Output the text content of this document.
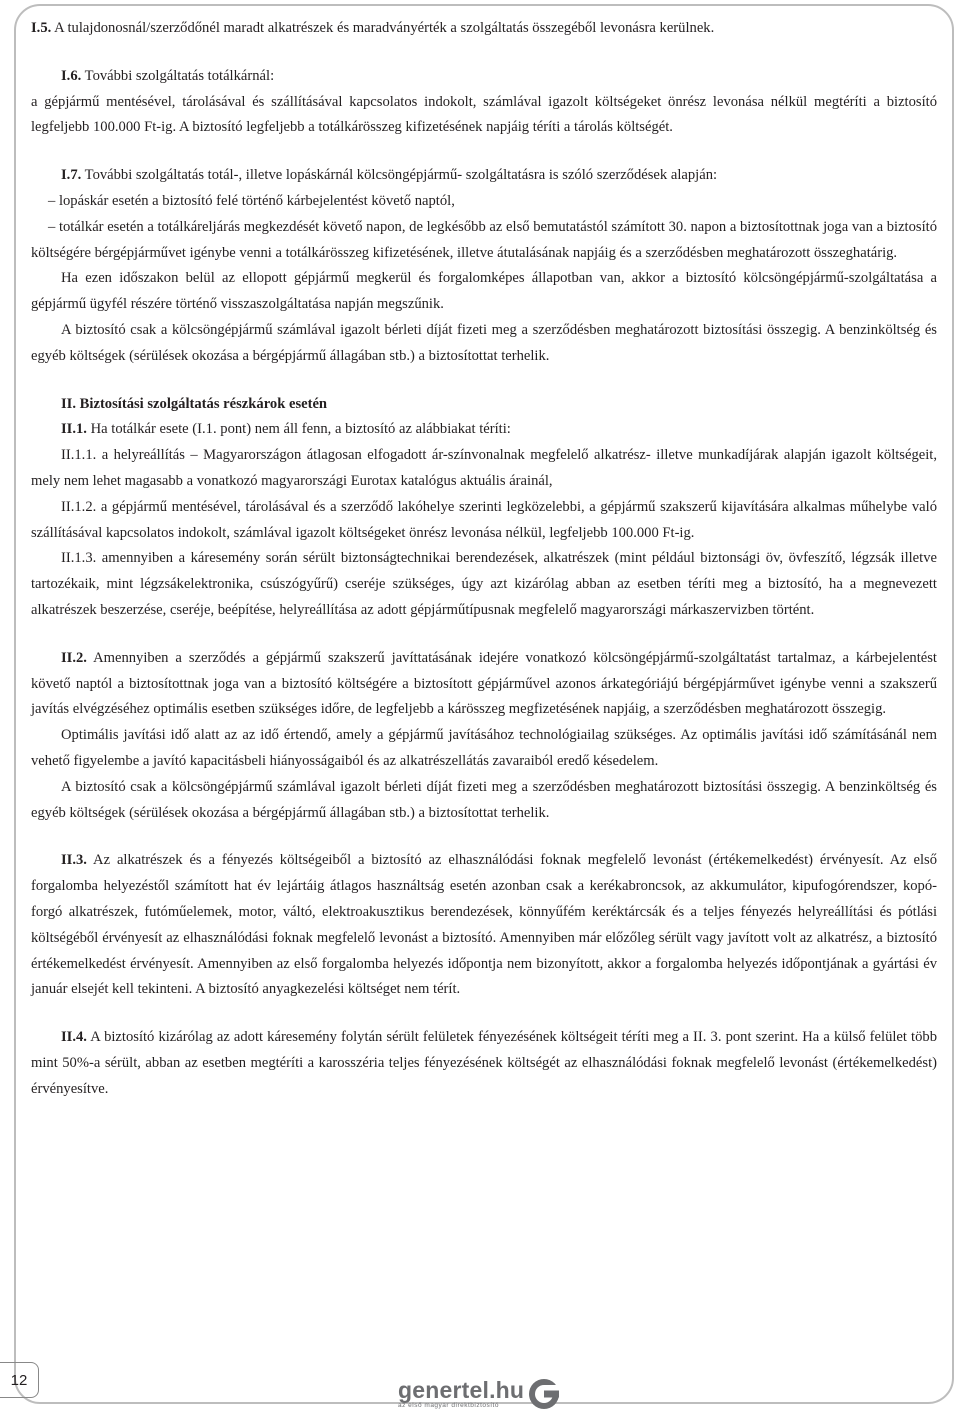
I.5. A tulajdonosnál/szerződőnél maradt alkatrészek és maradványérték a szolgáltatás összegéből levonásra kerülnek.

I.6. További szolgáltatás totálkárnál:

a gépjármű mentésével, tárolásával és szállításával kapcsolatos indokolt, számlával igazolt költségeket önrész levonása nélkül megtéríti a biztosító legfeljebb 100.000 Ft-ig. A biztosító legfeljebb a totálkárösszeg kifizetésének napjáig téríti a tárolás költségét.

I.7. További szolgáltatás totál-, illetve lopáskárnál kölcsöngépjármű- szolgáltatásra is szóló szerződések alapján:

– lopáskár esetén a biztosító felé történő kárbejelentést követő naptól,

– totálkár esetén a totálkáreljárás megkezdését követő napon, de legkésőbb az első bemutatástól számított 30. napon a biztosítottnak jogа van a biztosító költségére bérgépjárművet igénybe venni a totálkárösszeg kifizetésének, illetve átutalásának napjáig és a szerződésben meghatározott összeghatárig.

Ha ezen időszakon belül az ellopott gépjármű megkerül és forgalomképes állapotban van, akkor a biztosító kölcsöngépjármű-szolgáltatása a gépjármű ügyfél részére történő visszaszolgáltatása napján megszűnik.

A biztosító csak a kölcsöngépjármű számlával igazolt bérleti díját fizeti meg a szerződésben meghatározott biztosítási összegig. A benzinköltség és egyéb költségek (sérülések okozása a bérgépjármű állagában stb.) a biztosítottat terhelik.

II. Biztosítási szolgáltatás részkárok esetén

II.1. Ha totálkár esete (I.1. pont) nem áll fenn, a biztosító az alábbiakat téríti:

II.1.1. a helyreállítás – Magyarországon átlagosan elfogadott ár-színvonalnak megfelelő alkatrész- illetve munkadíjárak alapján igazolt költségeit, mely nem lehet magasabb a vonatkozó magyarországi Eurotax katalógus aktuális árainál,

II.1.2. a gépjármű mentésével, tárolásával és a szerződő lakóhelye szerinti legközelebbi, a gépjármű szakszerű kijavítására alkalmas műhelybe való szállításával kapcsolatos indokolt, számlával igazolt költségeket önrész levonása nélkül, legfeljebb 100.000 Ft-ig.

II.1.3. amennyiben a káresemény során sérült biztonságtechnikai berendezések, alkatrészek (mint például biztonsági öv, övfeszítő, légzsák illetve tartozékaik, mint légzsákelektronika, csúszógyűrű) cseréje szükséges, úgy azt kizárólag abban az esetben téríti meg a biztosító, ha a megnevezett alkatrészek beszerzése, cseréje, beépítése, helyreállítása az adott gépjárműtípusnak megfelelő magyarországi márkaszervizben történt.

II.2. Amennyiben a szerződés a gépjármű szakszerű javíttatásának idejére vonatkozó kölcsöngépjármű-szolgáltatást tartalmaz, a kárbejelentést követő naptól a biztosítottnak jogа van a biztosító költségére a biztosított gépjárművel azonos árkategóriájú bérgépjárművet igénybe venni a szakszerű javítás elvégzéséhez optimális esetben szükséges időre, de legfeljebb a kárösszeg megfizetésének napjáig, a szerződésben meghatározott összegig.

Optimális javítási idő alatt az az idő értendő, amely a gépjármű javításához technológiailag szükséges. Az optimális javítási idő számításánál nem vehető figyelembe a javító kapacitásbeli hiányosságaiból és az alkatrészellátás zavaraiból eredő késedelem.

A biztosító csak a kölcsöngépjármű számlával igazolt bérleti díját fizeti meg a szerződésben meghatározott biztosítási összegig. A benzinköltség és egyéb költségek (sérülések okozása a bérgépjármű állagában stb.) a biztosítottat terhelik.

II.3. Az alkatrészek és a fényezés költségeiből a biztosító az elhasználódási foknak megfelelő levonást (értékemelkedést) érvényesít. Az első forgalomba helyezéstől számított hat év lejártáig átlagos használtság esetén azonban csak a kerékabroncsok, az akkumulátor, kipufogórendszer, kopó-forgó alkatrészek, futóműelemek, motor, váltó, elektroakusztikus berendezések, könnyűfém keréktárcsák és a teljes fényezés helyreállítási és pótlási költségéből érvényesít az elhasználódási foknak megfelelő levonást a biztosító. Amennyiben már előzőleg sérült vagy javított volt az alkatrész, a biztosító értékemelkedést érvényesít. Amennyiben az első forgalomba helyezés időpontja nem bizonyított, akkor a forgalomba helyezés időpontjának a gyártási év január elsejét kell tekinteni. A biztosító anyagkezelési költséget nem térít.

II.4. A biztosító kizárólag az adott káresemény folytán sérült felületek fényezésének költségeit téríti meg a II. 3. pont szerint. Ha a külső felület több mint 50%-a sérült, abban az esetben megtéríti a karosszéria teljes fényezésének költségét az elhasználódási foknak megfelelő levonást (értékemelkedést) érvényesítve.

12	genertel.hu
az első magyar direktbiztosító
